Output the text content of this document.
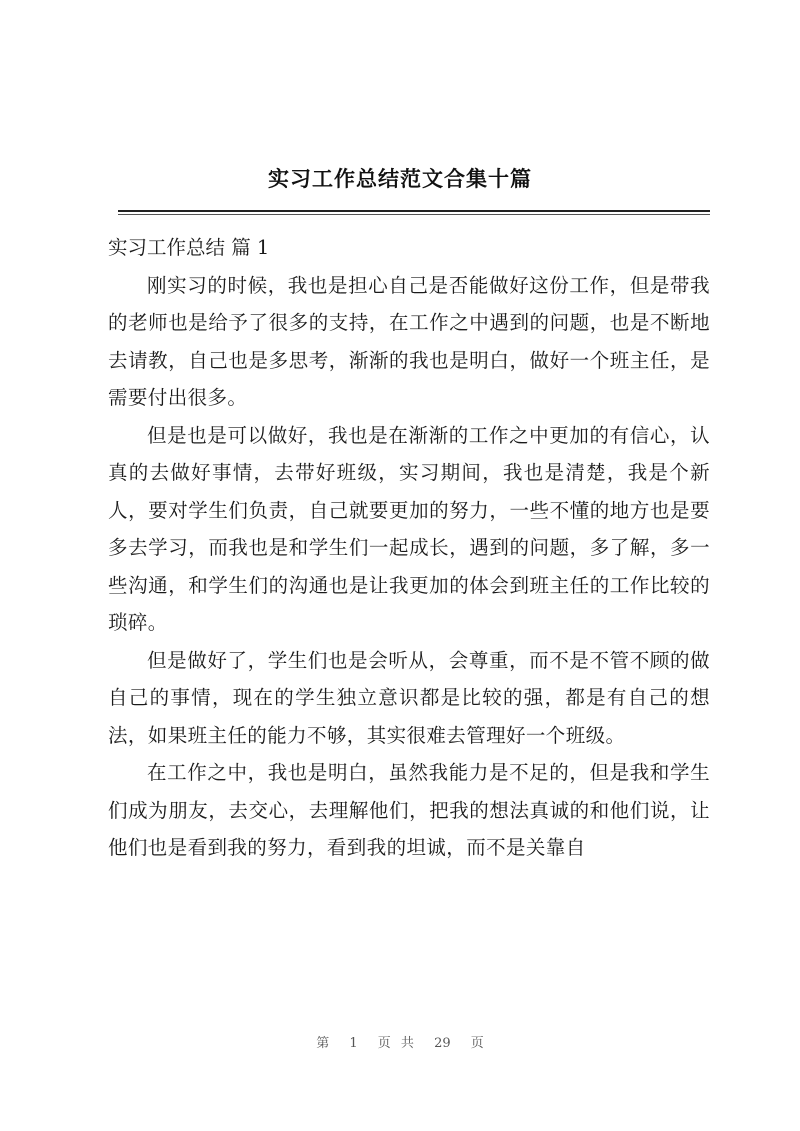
实习工作总结范文合集十篇

实习工作总结 篇 1

刚实习的时候，我也是担心自己是否能做好这份工作，但是带我的老师也是给予了很多的支持，在工作之中遇到的问题，也是不断地去请教，自己也是多思考，渐渐的我也是明白，做好一个班主任，是需要付出很多。

但是也是可以做好，我也是在渐渐的工作之中更加的有信心，认真的去做好事情，去带好班级，实习期间，我也是清楚，我是个新人，要对学生们负责，自己就要更加的努力，一些不懂的地方也是要多去学习，而我也是和学生们一起成长，遇到的问题，多了解，多一些沟通，和学生们的沟通也是让我更加的体会到班主任的工作比较的琐碎。

但是做好了，学生们也是会听从，会尊重，而不是不管不顾的做自己的事情，现在的学生独立意识都是比较的强，都是有自己的想法，如果班主任的能力不够，其实很难去管理好一个班级。

在工作之中，我也是明白，虽然我能力是不足的，但是我和学生们成为朋友，去交心，去理解他们，把我的想法真诚的和他们说，让他们也是看到我的努力，看到我的坦诚，而不是关靠自

第 1 页 共 29 页
